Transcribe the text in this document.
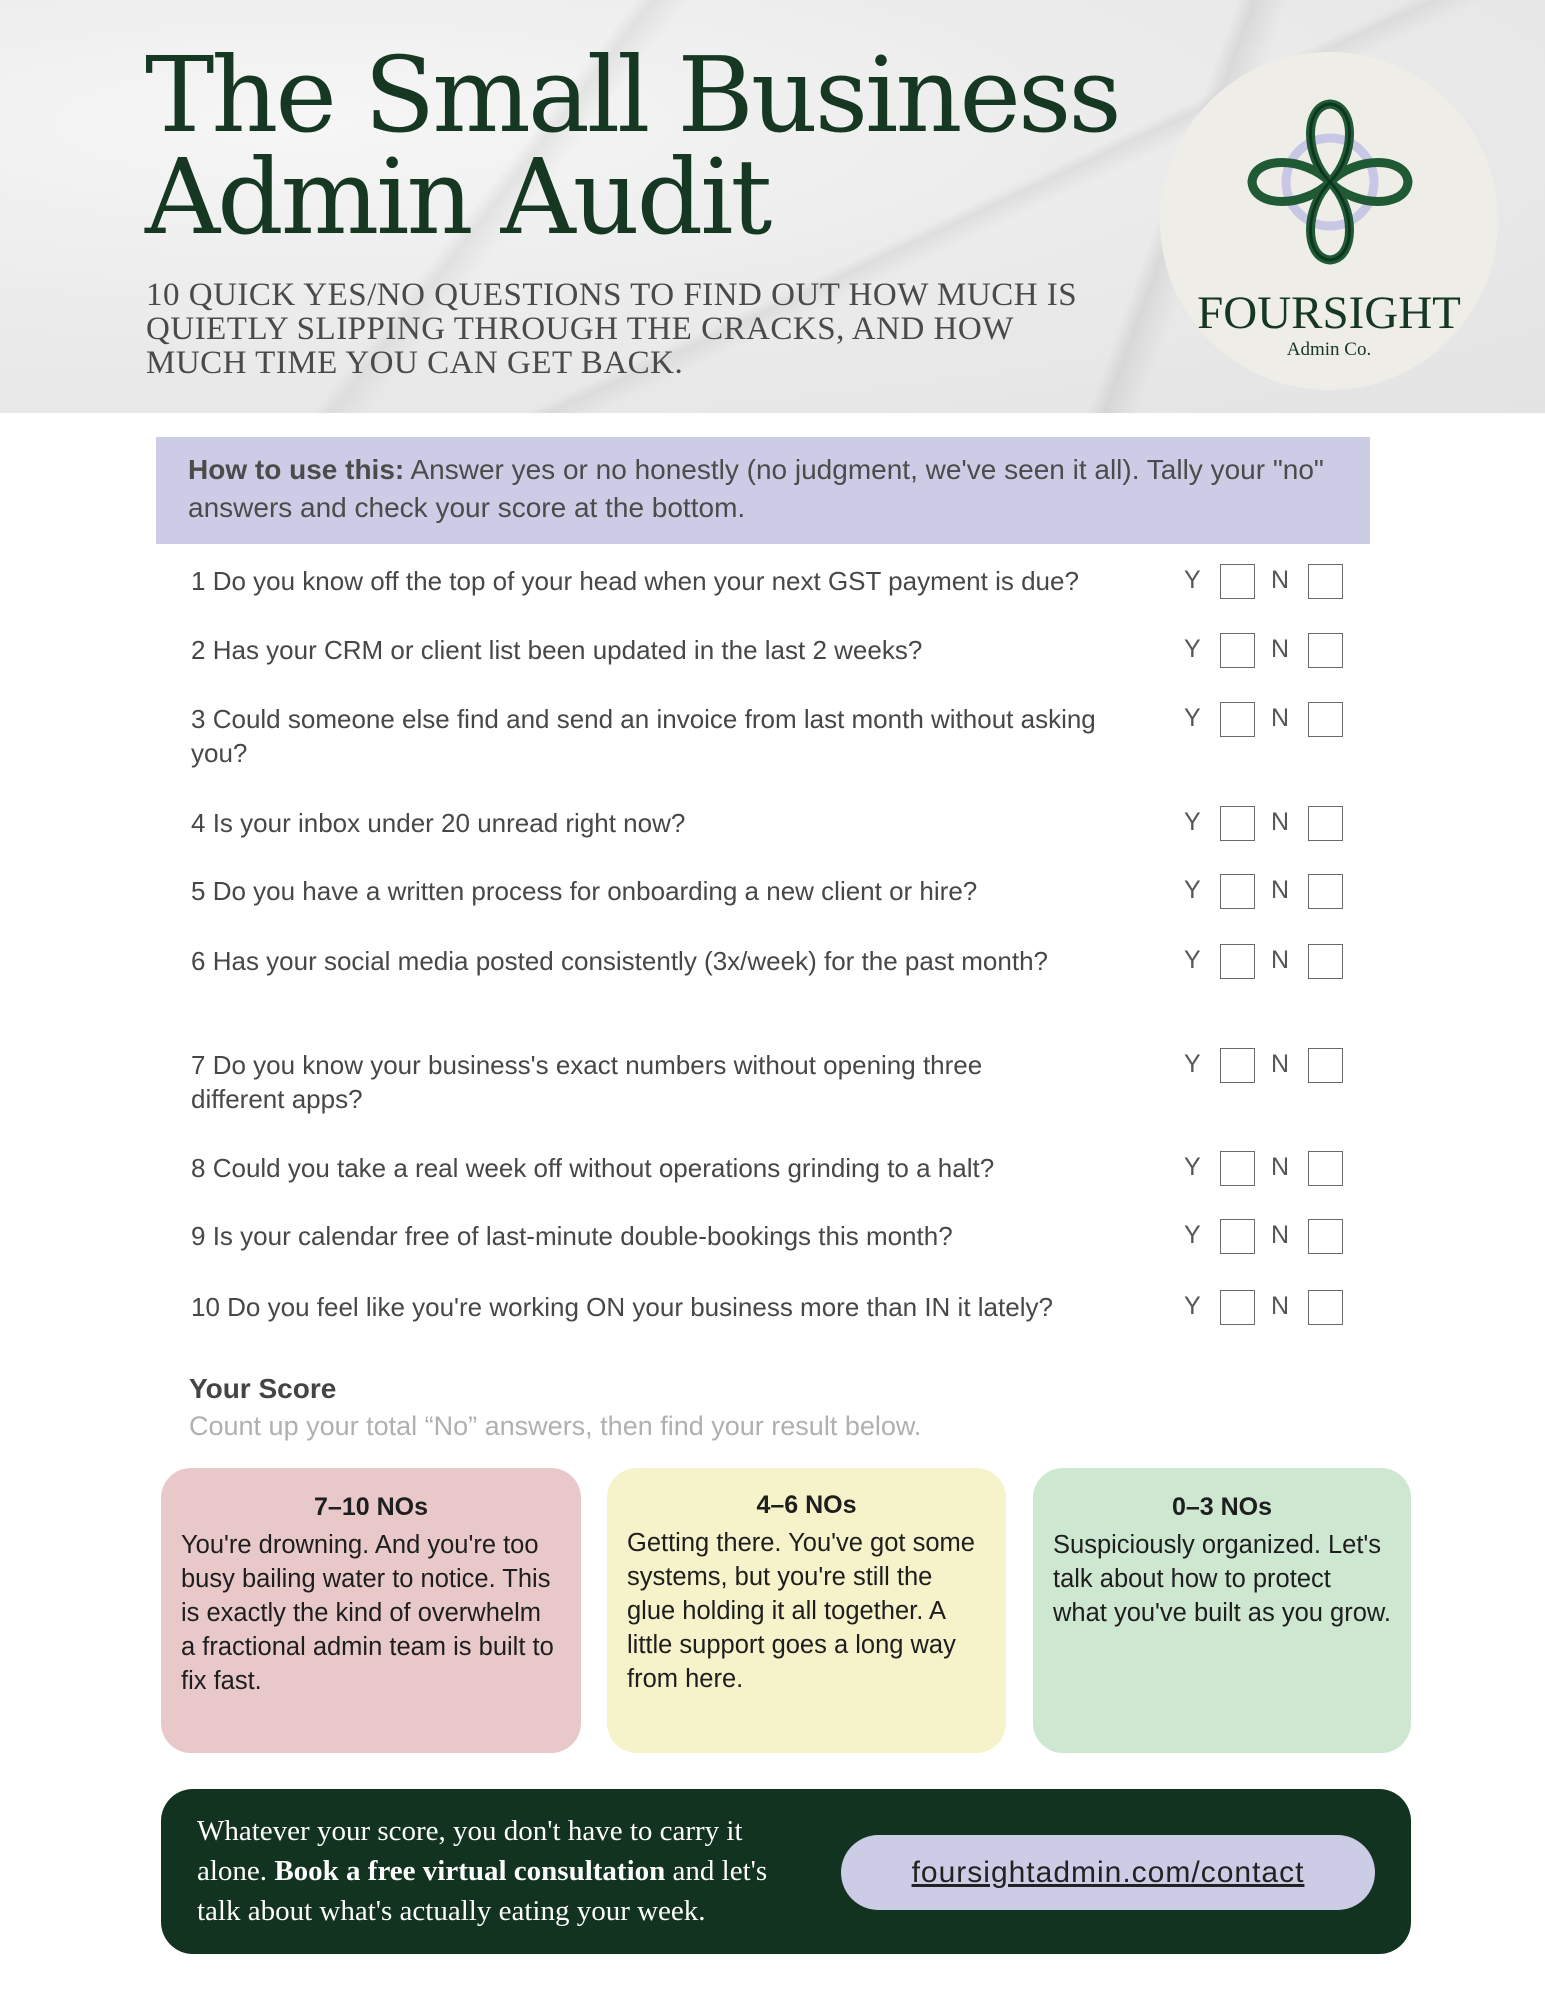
The Small Business
Admin Audit
10 QUICK YES/NO QUESTIONS TO FIND OUT HOW MUCH IS QUIETLY SLIPPING THROUGH THE CRACKS, AND HOW MUCH TIME YOU CAN GET BACK.
FOURSIGHT
Admin Co.
How to use this: Answer yes or no honestly (no judgment, we've seen it all). Tally your "no" answers and check your score at the bottom.
1 Do you know off the top of your head when your next GST payment is due?	Y	N
2 Has your CRM or client list been updated in the last 2 weeks?	Y	N
3 Could someone else find and send an invoice from last month without asking you?
Y	N
4 Is your inbox under 20 unread right now?	Y	N
5 Do you have a written process for onboarding a new client or hire?	Y	N
6 Has your social media posted consistently (3x/week) for the past month?	Y	N
7 Do you know your business's exact numbers without opening three different apps?
Y	N
8 Could you take a real week off without operations grinding to a halt?	Y	N
9 Is your calendar free of last-minute double-bookings this month?	Y	N
10 Do you feel like you're working ON your business more than IN it lately?	Y	N
Your Score
Count up your total “No” answers, then find your result below.
7–10 NOs
You're drowning. And you're too busy bailing water to notice. This is exactly the kind of overwhelm a fractional admin team is built to fix fast.
4–6 NOs
Getting there. You've got some systems, but you're still the glue holding it all together. A little support goes a long way from here.
0–3 NOs
Suspiciously organized. Let's talk about how to protect what you've built as you grow.
Whatever your score, you don't have to carry it alone. Book a free virtual consultation and let's talk about what's actually eating your week.
foursightadmin.com/contact
